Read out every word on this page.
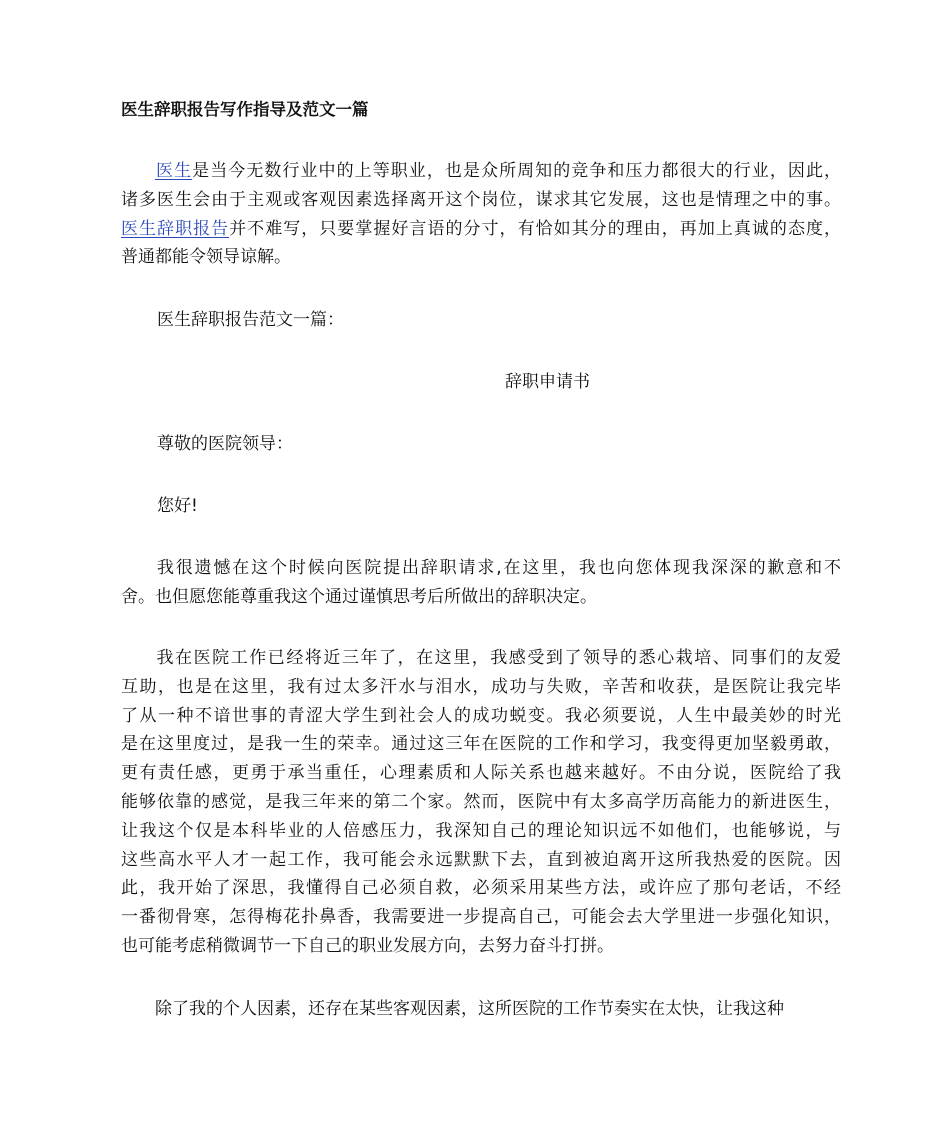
医生辞职报告写作指导及范文一篇
医生是当今无数行业中的上等职业，也是众所周知的竞争和压力都很大的行业，因此，
诸多医生会由于主观或客观因素选择离开这个岗位，谋求其它发展，这也是情理之中的事。
医生辞职报告并不难写，只要掌握好言语的分寸，有恰如其分的理由，再加上真诚的态度，
普通都能令领导谅解。
医生辞职报告范文一篇：
辞职申请书
尊敬的医院领导：
您好!
我很遗憾在这个时候向医院提出辞职请求,在这里，我也向您体现我深深的歉意和不
舍。也但愿您能尊重我这个通过谨慎思考后所做出的辞职决定。
我在医院工作已经将近三年了，在这里，我感受到了领导的悉心栽培、同事们的友爱
互助，也是在这里，我有过太多汗水与泪水，成功与失败，辛苦和收获，是医院让我完毕
了从一种不谙世事的青涩大学生到社会人的成功蜕变。我必须要说，人生中最美妙的时光
是在这里度过，是我一生的荣幸。通过这三年在医院的工作和学习，我变得更加坚毅勇敢，
更有责任感，更勇于承当重任，心理素质和人际关系也越来越好。不由分说，医院给了我
能够依靠的感觉，是我三年来的第二个家。然而，医院中有太多高学历高能力的新进医生，
让我这个仅是本科毕业的人倍感压力，我深知自己的理论知识远不如他们，也能够说，与
这些高水平人才一起工作，我可能会永远默默下去，直到被迫离开这所我热爱的医院。因
此，我开始了深思，我懂得自己必须自救，必须采用某些方法，或许应了那句老话，不经
一番彻骨寒，怎得梅花扑鼻香，我需要进一步提高自己，可能会去大学里进一步强化知识，
也可能考虑稍微调节一下自己的职业发展方向，去努力奋斗打拼。
除了我的个人因素，还存在某些客观因素，这所医院的工作节奏实在太快，让我这种
